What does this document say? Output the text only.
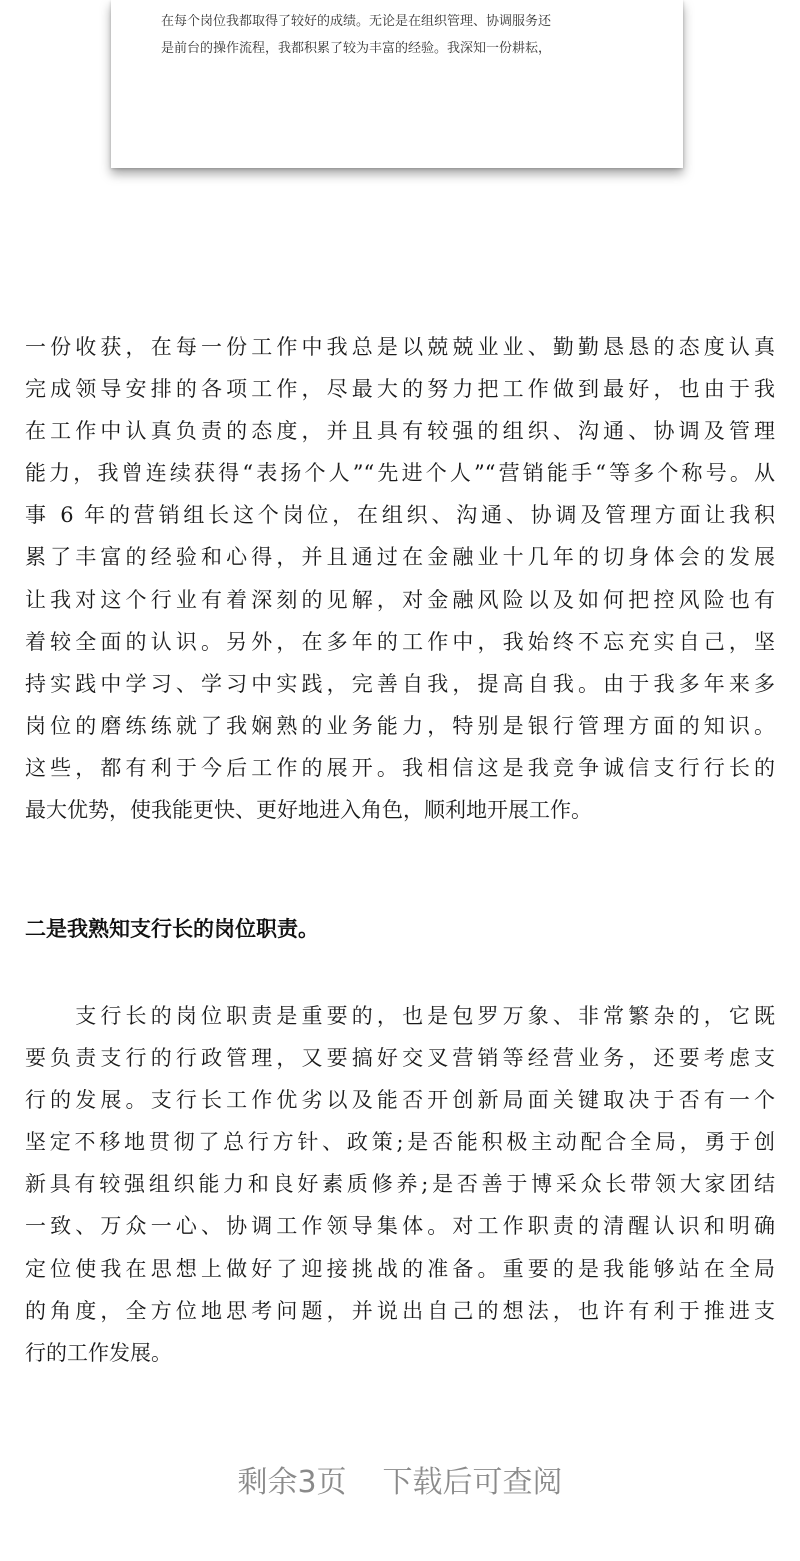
在每个岗位我都取得了较好的成绩。无论是在组织管理、协调服务还

是前台的操作流程，我都积累了较为丰富的经验。我深知一份耕耘，

一份收获，在每一份工作中我总是以兢兢业业、勤勤恳恳的态度认真
完成领导安排的各项工作，尽最大的努力把工作做到最好，也由于我
在工作中认真负责的态度，并且具有较强的组织、沟通、协调及管理
能力，我曾连续获得“表扬个人”“先进个人”“营销能手“等多个称号。从
事 6 年的营销组长这个岗位，在组织、沟通、协调及管理方面让我积
累了丰富的经验和心得，并且通过在金融业十几年的切身体会的发展
让我对这个行业有着深刻的见解，对金融风险以及如何把控风险也有
着较全面的认识。另外，在多年的工作中，我始终不忘充实自己，坚
持实践中学习、学习中实践，完善自我，提高自我。由于我多年来多
岗位的磨练练就了我娴熟的业务能力，特别是银行管理方面的知识。
这些，都有利于今后工作的展开。我相信这是我竞争诚信支行行长的
最大优势，使我能更快、更好地进入角色，顺利地开展工作。
二是我熟知支行长的岗位职责。
　　支行长的岗位职责是重要的，也是包罗万象、非常繁杂的，它既
要负责支行的行政管理，又要搞好交叉营销等经营业务，还要考虑支
行的发展。支行长工作优劣以及能否开创新局面关键取决于否有一个
坚定不移地贯彻了总行方针、政策;是否能积极主动配合全局，勇于创
新具有较强组织能力和良好素质修养;是否善于博采众长带领大家团结
一致、万众一心、协调工作领导集体。对工作职责的清醒认识和明确
定位使我在思想上做好了迎接挑战的准备。重要的是我能够站在全局
的角度，全方位地思考问题，并说出自己的想法，也许有利于推进支
行的工作发展。
剩余3页 下载后可查阅
